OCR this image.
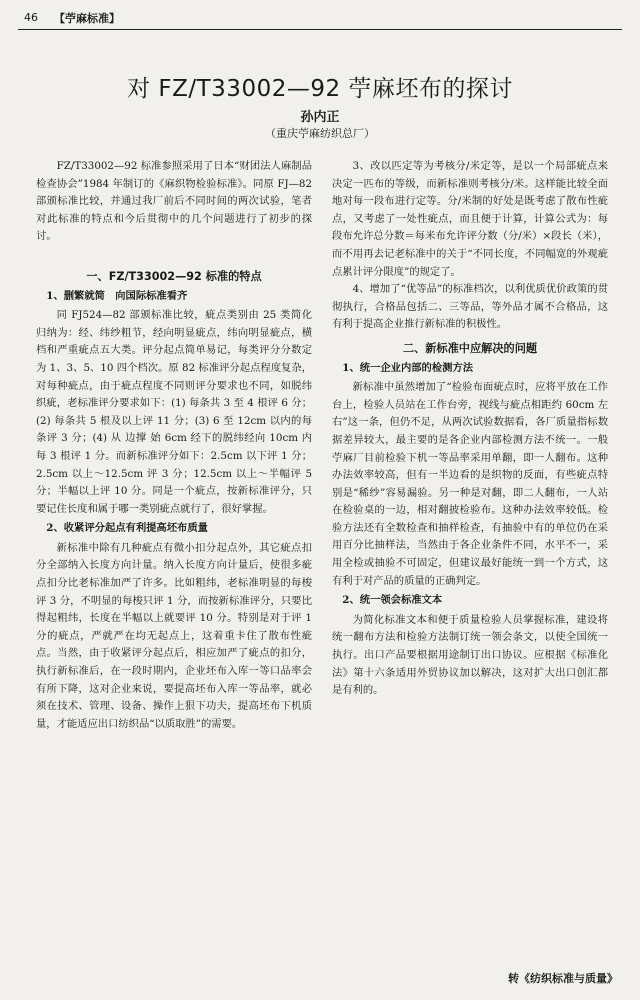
46 【苧麻标准】
对 FZ/T33002—92 苧麻坯布的探讨
孙内正
（重庆苧麻纺织总厂）

FZ/T33002—92 标准参照采用了日本“财团法人麻制品检查协会”1984 年制订的《麻织物检验标准》。同原 FJ—82 部颁标准比较，并通过我厂前后不同时间的两次试验，笔者对此标准的特点和今后贯彻中的几个问题进行了初步的探讨。

一、FZ/T33002—92 标准的特点
1、删繁就简　向国际标准看齐

同 FJ524—82 部颁标准比较，疵点类别由 25 类简化归纳为：经、纬纱粗节，经向明显疵点，纬向明显疵点，横档和严重疵点五大类。评分起点简单易记，每类评分分数定为 1、3、5、10 四个档次。原 82 标准评分起点程度复杂，对每种疵点，由于疵点程度不同则评分要求也不同，如脱纬织疵，老标准评分要求如下：(1) 每条共 3 至 4 根评 6 分；(2) 每条共 5 根及以上评 11 分；(3) 6 至 12cm 以内的每条评 3 分；(4) 从 边撑 始 6cm 经下的脱纬经向 10cm 内每 3 根评 1 分。而新标准评分如下：2.5cm 以下评 1 分；2.5cm 以上～12.5cm 评 3 分；12.5cm 以上～半幅评 5 分；半幅以上评 10 分。同是一个疵点，按新标准评分，只要记住长度和属于哪一类别疵点就行了，很好掌握。

2、收紧评分起点有利提高坯布质量

新标准中除有几种疵点有微小扣分起点外，其它疵点扣分全部纳入长度方向计量。纳入长度方向计量后，使很多疵点扣分比老标准加严了许多。比如粗纬，老标准明显的每梭评 3 分，不明显的每梭只评 1 分，而按新标准评分，只要比得起粗纬，长度在半幅以上就要评 10 分。特别是对于评 1 分的疵点，严就严在均无起点上，这着重卡住了散布性疵点。当然，由于收紧评分起点后，相应加严了疵点的扣分，执行新标准后，在一段时期内，企业坯布入库一等口品率会有所下降，这对企业来说，要提高坯布入库一等品率，就必须在技术、管理、设备、操作上狠下功夫，提高坯布下机质量，才能适应出口纺织品“以质取胜”的需要。

3、改以匹定等为考核分/米定等，是以一个局部疵点来决定一匹布的等级，而新标准则考核分/米。这样能比较全面地对每一段布进行定等。分/米制的好处是既考虑了散布性疵点，又考虑了一处性疵点，而且便于计算，计算公式为：每段布允许总分数＝每米布允许评分数（分/米）×段长（米），而不用再去记老标准中的关于“不同长度，不同幅宽的外观疵点累计评分限度”的规定了。

4、增加了“优等品”的标准档次，以利优质优价政策的贯彻执行，合格品包括二、三等品，等外品才属不合格品，这有利于提高企业推行新标准的积极性。

二、新标准中应解决的问题
1、统一企业内部的检测方法

新标准中虽然增加了“检验布面疵点时，应将平放在工作台上，检验人员站在工作台旁，视线与疵点相距约 60cm 左右”这一条，但仍不足，从两次试验数据看，各厂质量指标数据差异较大，最主要的是各企业内部检测方法不统一。一般苧麻厂目前检验下机一等品率采用单翻，即一人翻布。这种办法效率较高，但有一半边看的是织物的反面，有些疵点特别是“稀纱”容易漏验。另一种是对翻，即二人翻布，一人站在检验桌的一边，相对翻披检验布。这种办法效率较低。检验方法还有全数检查和抽样检查，有抽验中有的单位仍在采用百分比抽样法，当然由于各企业条件不同，水平不一，采用全检或抽验不可固定，但建议最好能统一到一个方式，这有利于对产品的质量的正确判定。

2、统一领会标准文本

为简化标准文本和便于质量检验人员掌握标准，建设将统一翻布方法和检验方法制订统一领会条文，以使全国统一执行。出口产品要根据用途制订出口协议。应根据《标准化法》第十六条适用外贸协议加以解决，这对扩大出口创汇都是有利的。

转《纺织标准与质量》
